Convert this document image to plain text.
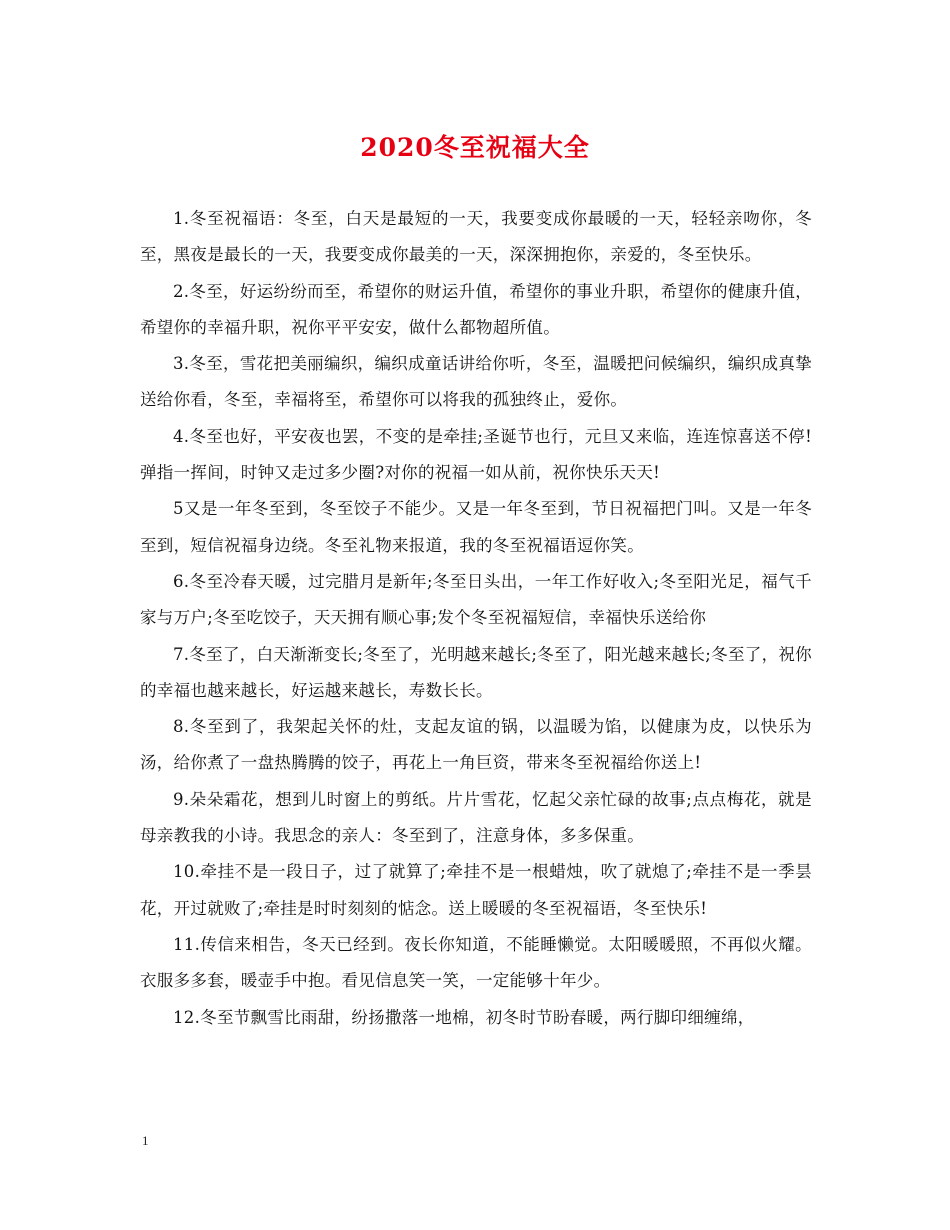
2020冬至祝福大全

1.冬至祝福语：冬至，白天是最短的一天，我要变成你最暖的一天，轻轻亲吻你，冬至，黑夜是最长的一天，我要变成你最美的一天，深深拥抱你，亲爱的，冬至快乐。

2.冬至，好运纷纷而至，希望你的财运升值，希望你的事业升职，希望你的健康升值，希望你的幸福升职，祝你平平安安，做什么都物超所值。

3.冬至，雪花把美丽编织，编织成童话讲给你听，冬至，温暖把问候编织，编织成真挚送给你看，冬至，幸福将至，希望你可以将我的孤独终止，爱你。

4.冬至也好，平安夜也罢，不变的是牵挂;圣诞节也行，元旦又来临，连连惊喜送不停!弹指一挥间，时钟又走过多少圈?对你的祝福一如从前，祝你快乐天天!

5又是一年冬至到，冬至饺子不能少。又是一年冬至到，节日祝福把门叫。又是一年冬至到，短信祝福身边绕。冬至礼物来报道，我的冬至祝福语逗你笑。

6.冬至冷春天暖，过完腊月是新年;冬至日头出，一年工作好收入;冬至阳光足，福气千家与万户;冬至吃饺子，天天拥有顺心事;发个冬至祝福短信，幸福快乐送给你

7.冬至了，白天渐渐变长;冬至了，光明越来越长;冬至了，阳光越来越长;冬至了，祝你的幸福也越来越长，好运越来越长，寿数长长。

8.冬至到了，我架起关怀的灶，支起友谊的锅，以温暖为馅，以健康为皮，以快乐为汤，给你煮了一盘热腾腾的饺子，再花上一角巨资，带来冬至祝福给你送上!

9.朵朵霜花，想到儿时窗上的剪纸。片片雪花，忆起父亲忙碌的故事;点点梅花，就是母亲教我的小诗。我思念的亲人：冬至到了，注意身体，多多保重。

10.牵挂不是一段日子，过了就算了;牵挂不是一根蜡烛，吹了就熄了;牵挂不是一季昙花，开过就败了;牵挂是时时刻刻的惦念。送上暖暖的冬至祝福语，冬至快乐!

11.传信来相告，冬天已经到。夜长你知道，不能睡懒觉。太阳暖暖照，不再似火耀。衣服多多套，暖壶手中抱。看见信息笑一笑，一定能够十年少。

12.冬至节飘雪比雨甜，纷扬撒落一地棉，初冬时节盼春暖，两行脚印细缠绵，

1
